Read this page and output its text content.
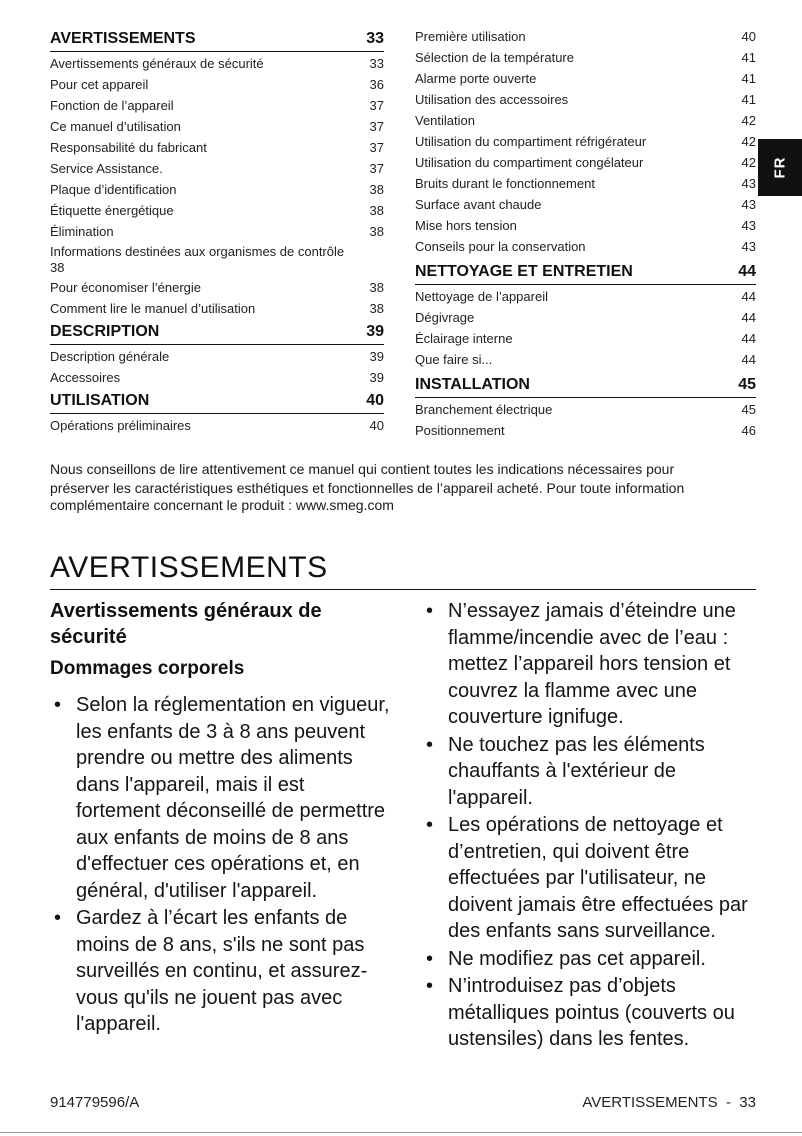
AVERTISSEMENTS	33
Avertissements généraux de sécurité	33
Pour cet appareil	36
Fonction de l’appareil	37
Ce manuel d’utilisation	37
Responsabilité du fabricant	37
Service Assistance.	37
Plaque d’identification	38
Étiquette énergétique	38
Élimination	38
Informations destinées aux organismes de contrôle
38
Pour économiser l’énergie	38
Comment lire le manuel d’utilisation	38
DESCRIPTION	39
Description générale	39
Accessoires	39
UTILISATION	40
Opérations préliminaires	40
Première utilisation	40
Sélection de la température	41
Alarme porte ouverte	41
Utilisation des accessoires	41
Ventilation	42
Utilisation du compartiment réfrigérateur	42
Utilisation du compartiment congélateur	42
Bruits durant le fonctionnement	43
Surface avant chaude	43
Mise hors tension	43
Conseils pour la conservation	43
NETTOYAGE ET ENTRETIEN	44
Nettoyage de l’appareil	44
Dégivrage	44
Éclairage interne	44
Que faire si...	44
INSTALLATION	45
Branchement électrique	45
Positionnement	46

Nous conseillons de lire attentivement ce manuel qui contient toutes les indications nécessaires pour

préserver les caractéristiques esthétiques et fonctionnelles de l’appareil acheté. Pour toute information complémentaire concernant le produit : www.smeg.com

AVERTISSEMENTS
Avertissements généraux de sécurité
Dommages corporels
• Selon la réglementation en vigueur, les enfants de 3 à 8 ans peuvent prendre ou mettre des aliments dans l'appareil, mais il est fortement déconseillé de permettre aux enfants de moins de 8 ans d'effectuer ces opérations et, en général, d'utiliser l'appareil.
• Gardez à l’écart les enfants de moins de 8 ans, s'ils ne sont pas surveillés en continu, et assurez-vous qu'ils ne jouent pas avec l'appareil.
• N’essayez jamais d’éteindre une flamme/incendie avec de l’eau : mettez l’appareil hors tension et couvrez la flamme avec une couverture ignifuge.
• Ne touchez pas les éléments chauffants à l'extérieur de l'appareil.
• Les opérations de nettoyage et d’entretien, qui doivent être effectuées par l'utilisateur, ne doivent jamais être effectuées par des enfants sans surveillance.
• Ne modifiez pas cet appareil.
• N’introduisez pas d’objets métalliques pointus (couverts ou ustensiles) dans les fentes.
FR
914779596/A	AVERTISSEMENTS  -  33
